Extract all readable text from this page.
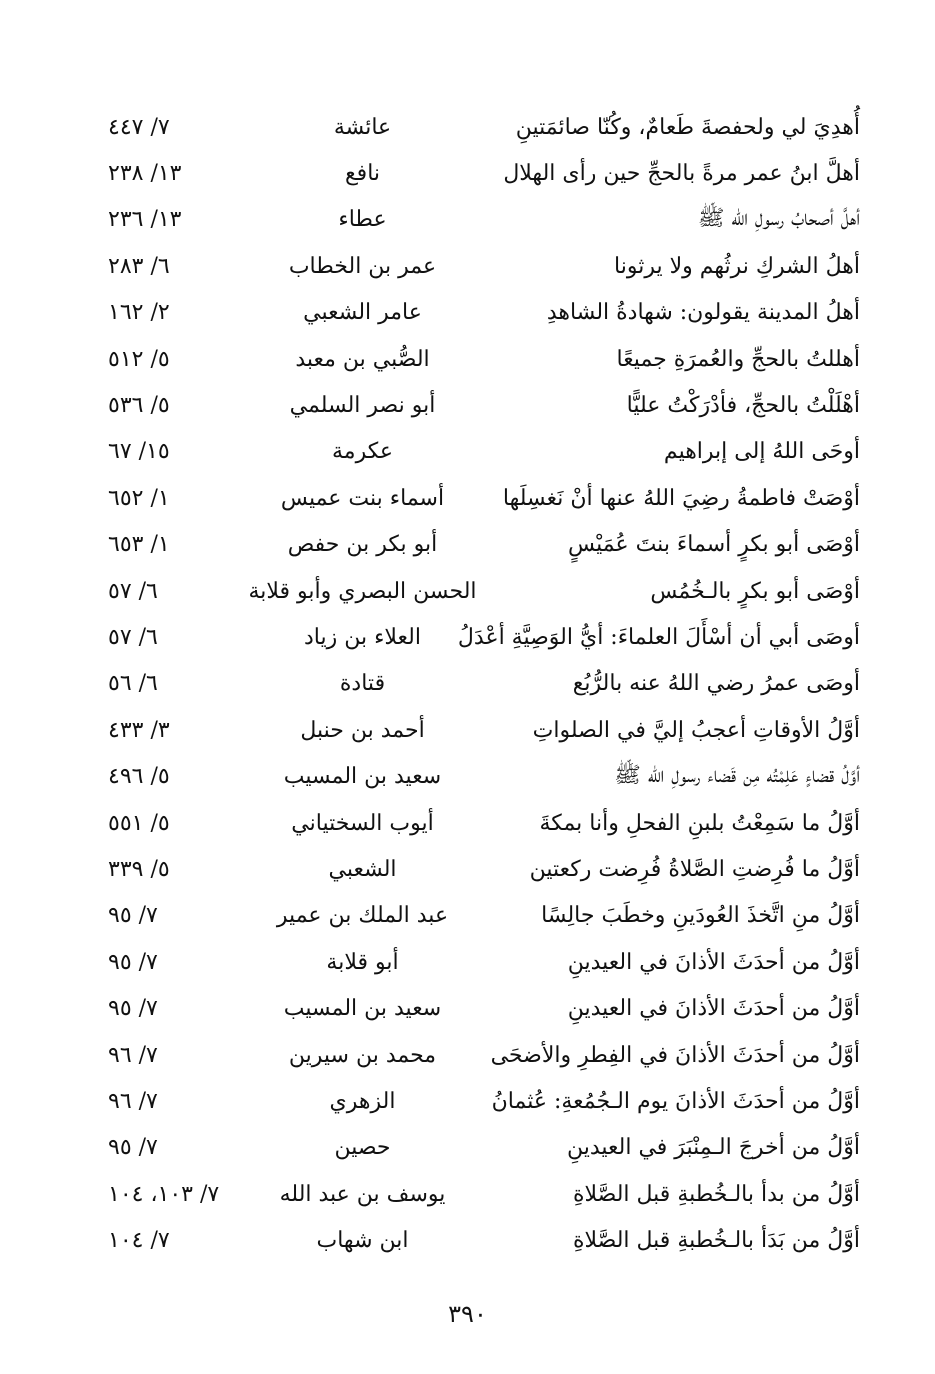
أُهدِيَ لي ولحفصةَ طَعامٌ، وكُنّا صائمَتينِ
عائشة
٧/ ٤٤٧
أهلَّ ابنُ عمر مرةً بالحجِّ حين رأى الهلال
نافع
١٣/ ٢٣٨
أهلَّ أصحابُ رسولِ الله ﷺ
عطاء
١٣/ ٢٣٦
أهلُ الشركِ نرثُهم ولا يرثونا
عمر بن الخطاب
٦/ ٢٨٣
أهلُ المدينة يقولون: شهادةُ الشاهدِ
عامر الشعبي
٢/ ١٦٢
أهللتُ بالحجِّ والعُمرَةِ جميعًا
الصُّبي بن معبد
٥/ ٥١٢
أهْلَلْتُ بالحجِّ، فأدْرَكْتُ عليًّا
أبو نصر السلمي
٥/ ٥٣٦
أوحَى اللهُ إلى إبراهيم
عكرمة
١٥/ ٦٧
أوْصَتْ فاطمةُ رضِيَ اللهُ عنها أنْ نَغسِلَها
أسماء بنت عميس
١/ ٦٥٢
أوْصَى أبو بكرٍ أسماءَ بنتَ عُمَيْسٍ
أبو بكر بن حفص
١/ ٦٥٣
أوْصَى أبو بكرٍ بالـخُمُس
الحسن البصري وأبو قلابة
٦/ ٥٧
أوصَى أبي أن أسْأَلَ العلماءَ: أيُّ الوَصِيَّةِ أعْدَلُ
العلاء بن زياد
٦/ ٥٧
أوصَى عمرُ رضي اللهُ عنه بالرُّبُع
قتادة
٦/ ٥٦
أوَّلُ الأوقاتِ أعجبُ إليَّ في الصلواتِ
أحمد بن حنبل
٣/ ٤٣٣
أوَّلُ قضاءٍ عَلِمْتُه مِن قَضاء رسولِ الله ﷺ
سعيد بن المسيب
٥/ ٤٩٦
أوَّلُ ما سَمِعْتُ بلبنِ الفحلِ وأنا بمكةَ
أيوب السختياني
٥/ ٥٥١
أوَّلُ ما فُرِضتِ الصَّلاةُ فُرِضت ركعتين
الشعبي
٥/ ٣٣٩
أوَّلُ منِ اتَّخذَ العُودَينِ وخطَبَ جالِسًا
عبد الملك بن عمير
٧/ ٩٥
أوَّلُ من أحدَثَ الأذانَ في العيدينِ
أبو قلابة
٧/ ٩٥
أوَّلُ من أحدَثَ الأذانَ في العيدينِ
سعيد بن المسيب
٧/ ٩٥
أوَّلُ من أحدَثَ الأذانَ في الفِطرِ والأضحَى
محمد بن سيرين
٧/ ٩٦
أوَّلُ من أحدَثَ الأذانَ يوم الـجُمُعةِ: عُثمانُ
الزهري
٧/ ٩٦
أوَّلُ من أخرجَ الـمِنْبَرَ في العيدينِ
حصين
٧/ ٩٥
أوَّلُ من بدأ بالـخُطبةِ قبل الصَّلاةِ
يوسف بن عبد الله
٧/ ١٠٣، ١٠٤
أوَّلُ من بَدَأ بالـخُطبةِ قبل الصَّلاةِ
ابن شهاب
٧/ ١٠٤
٣٩٠
